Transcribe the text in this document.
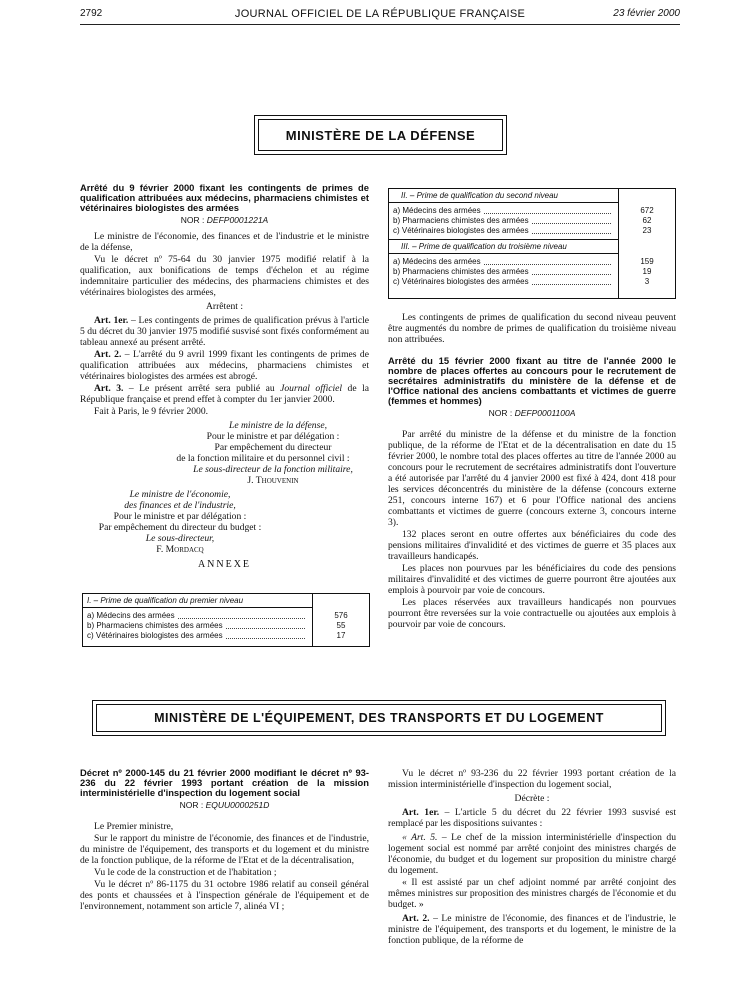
2792	JOURNAL OFFICIEL DE LA RÉPUBLIQUE FRANÇAISE	23 février 2000
MINISTÈRE DE LA DÉFENSE
Arrêté du 9 février 2000 fixant les contingents de primes de qualification attribuées aux médecins, pharmaciens chimistes et vétérinaires biologistes des armées
NOR : DEFP0001221A

Le ministre de l'économie, des finances et de l'industrie et le ministre de la défense,

Vu le décret nº 75-64 du 30 janvier 1975 modifié relatif à la qualification, aux bonifications de temps d'échelon et au régime indemnitaire particulier des médecins, des pharmaciens chimistes et des vétérinaires biologistes des armées,

Arrêtent :

Art. 1er. – Les contingents de primes de qualification prévus à l'article 5 du décret du 30 janvier 1975 modifié susvisé sont fixés conformément au tableau annexé au présent arrêté.

Art. 2. – L'arrêté du 9 avril 1999 fixant les contingents de primes de qualification attribuées aux médecins, pharmaciens chimistes et vétérinaires biologistes des armées est abrogé.

Art. 3. – Le présent arrêté sera publié au Journal officiel de la République française et prend effet à compter du 1er janvier 2000.

Fait à Paris, le 9 février 2000.

Le ministre de la défense,
Pour le ministre et par délégation :
Par empêchement du directeur
de la fonction militaire et du personnel civil :
Le sous-directeur de la fonction militaire,
J. Thouvenin
Le ministre de l'économie,
des finances et de l'industrie,
Pour le ministre et par délégation :
Par empêchement du directeur du budget :
Le sous-directeur,
F. Mordacq
ANNEXE
I. – Prime de qualification du premier niveau
a) Médecins des armées	576
b) Pharmaciens chimistes des armées	55
c) Vétérinaires biologistes des armées	17
II. – Prime de qualification du second niveau
a) Médecins des armées	672
b) Pharmaciens chimistes des armées	62
c) Vétérinaires biologistes des armées	23
III. – Prime de qualification du troisième niveau
a) Médecins des armées	159
b) Pharmaciens chimistes des armées	19
c) Vétérinaires biologistes des armées	3

Les contingents de primes de qualification du second niveau peuvent être augmentés du nombre de primes de qualification du troisième niveau non attribuées.

Arrêté du 15 février 2000 fixant au titre de l'année 2000 le nombre de places offertes au concours pour le recrutement de secrétaires administratifs du ministère de la défense et de l'Office national des anciens combattants et victimes de guerre (femmes et hommes)
NOR : DEFP0001100A

Par arrêté du ministre de la défense et du ministre de la fonction publique, de la réforme de l'Etat et de la décentralisation en date du 15 février 2000, le nombre total des places offertes au titre de l'année 2000 au concours pour le recrutement de secrétaires administratifs dont l'ouverture a été autorisée par l'arrêté du 4 janvier 2000 est fixé à 424, dont 418 pour les services déconcentrés du ministère de la défense (concours externe 251, concours interne 167) et 6 pour l'Office national des anciens combattants et victimes de guerre (concours externe 3, concours interne 3).

132 places seront en outre offertes aux bénéficiaires du code des pensions militaires d'invalidité et des victimes de guerre et 35 places aux travailleurs handicapés.

Les places non pourvues par les bénéficiaires du code des pensions militaires d'invalidité et des victimes de guerre pourront être ajoutées aux emplois à pourvoir par voie de concours.

Les places réservées aux travailleurs handicapés non pourvues pourront être reversées sur la voie contractuelle ou ajoutées aux emplois à pourvoir par voie de concours.

MINISTÈRE DE L'ÉQUIPEMENT, DES TRANSPORTS ET DU LOGEMENT
Décret nº 2000-145 du 21 février 2000 modifiant le décret nº 93-236 du 22 février 1993 portant création de la mission interministérielle d'inspection du logement social
NOR : EQUU0000251D

Le Premier ministre,

Sur le rapport du ministre de l'économie, des finances et de l'industrie, du ministre de l'équipement, des transports et du logement et du ministre de la fonction publique, de la réforme de l'Etat et de la décentralisation,

Vu le code de la construction et de l'habitation ;

Vu le décret nº 86-1175 du 31 octobre 1986 relatif au conseil général des ponts et chaussées et à l'inspection générale de l'équipement et de l'environnement, notamment son article 7, alinéa VI ;

Vu le décret nº 93-236 du 22 février 1993 portant création de la mission interministérielle d'inspection du logement social,

Décrète :

Art. 1er. – L'article 5 du décret du 22 février 1993 susvisé est remplacé par les dispositions suivantes :

« Art. 5. – Le chef de la mission interministérielle d'inspection du logement social est nommé par arrêté conjoint des ministres chargés de l'économie, du budget et du logement sur proposition du ministre chargé du logement.

« Il est assisté par un chef adjoint nommé par arrêté conjoint des mêmes ministres sur proposition des ministres chargés de l'économie et du budget. »

Art. 2. – Le ministre de l'économie, des finances et de l'industrie, le ministre de l'équipement, des transports et du logement, le ministre de la fonction publique, de la réforme de
